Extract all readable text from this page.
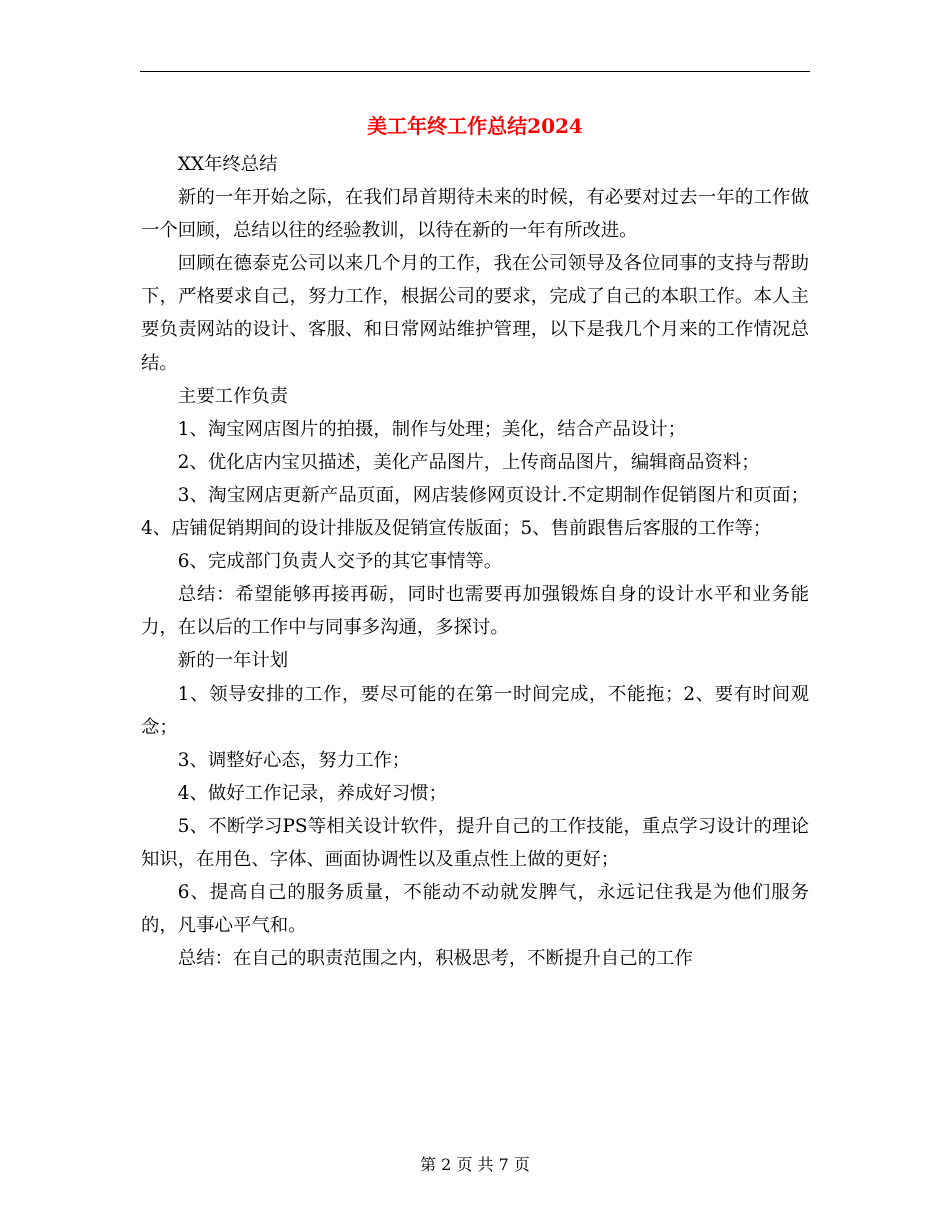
美工年终工作总结2024

XX年终总结

新的一年开始之际，在我们昂首期待未来的时候，有必要对过去一年的工作做一个回顾，总结以往的经验教训，以待在新的一年有所改进。

回顾在德泰克公司以来几个月的工作，我在公司领导及各位同事的支持与帮助下，严格要求自己，努力工作，根据公司的要求，完成了自己的本职工作。本人主要负责网站的设计、客服、和日常网站维护管理，以下是我几个月来的工作情况总结。

主要工作负责

1、淘宝网店图片的拍摄，制作与处理；美化，结合产品设计；

2、优化店内宝贝描述，美化产品图片，上传商品图片，编辑商品资料；

3、淘宝网店更新产品页面，网店装修网页设计.不定期制作促销图片和页面；4、店铺促销期间的设计排版及促销宣传版面；5、售前跟售后客服的工作等；

6、完成部门负责人交予的其它事情等。

总结：希望能够再接再砺，同时也需要再加强锻炼自身的设计水平和业务能力，在以后的工作中与同事多沟通，多探讨。

新的一年计划

1、领导安排的工作，要尽可能的在第一时间完成，不能拖；2、要有时间观念；

3、调整好心态，努力工作；

4、做好工作记录，养成好习惯；

5、不断学习PS等相关设计软件，提升自己的工作技能，重点学习设计的理论知识，在用色、字体、画面协调性以及重点性上做的更好；

6、提高自己的服务质量，不能动不动就发脾气，永远记住我是为他们服务的，凡事心平气和。

总结：在自己的职责范围之内，积极思考，不断提升自己的工作

第 2 页 共 7 页
